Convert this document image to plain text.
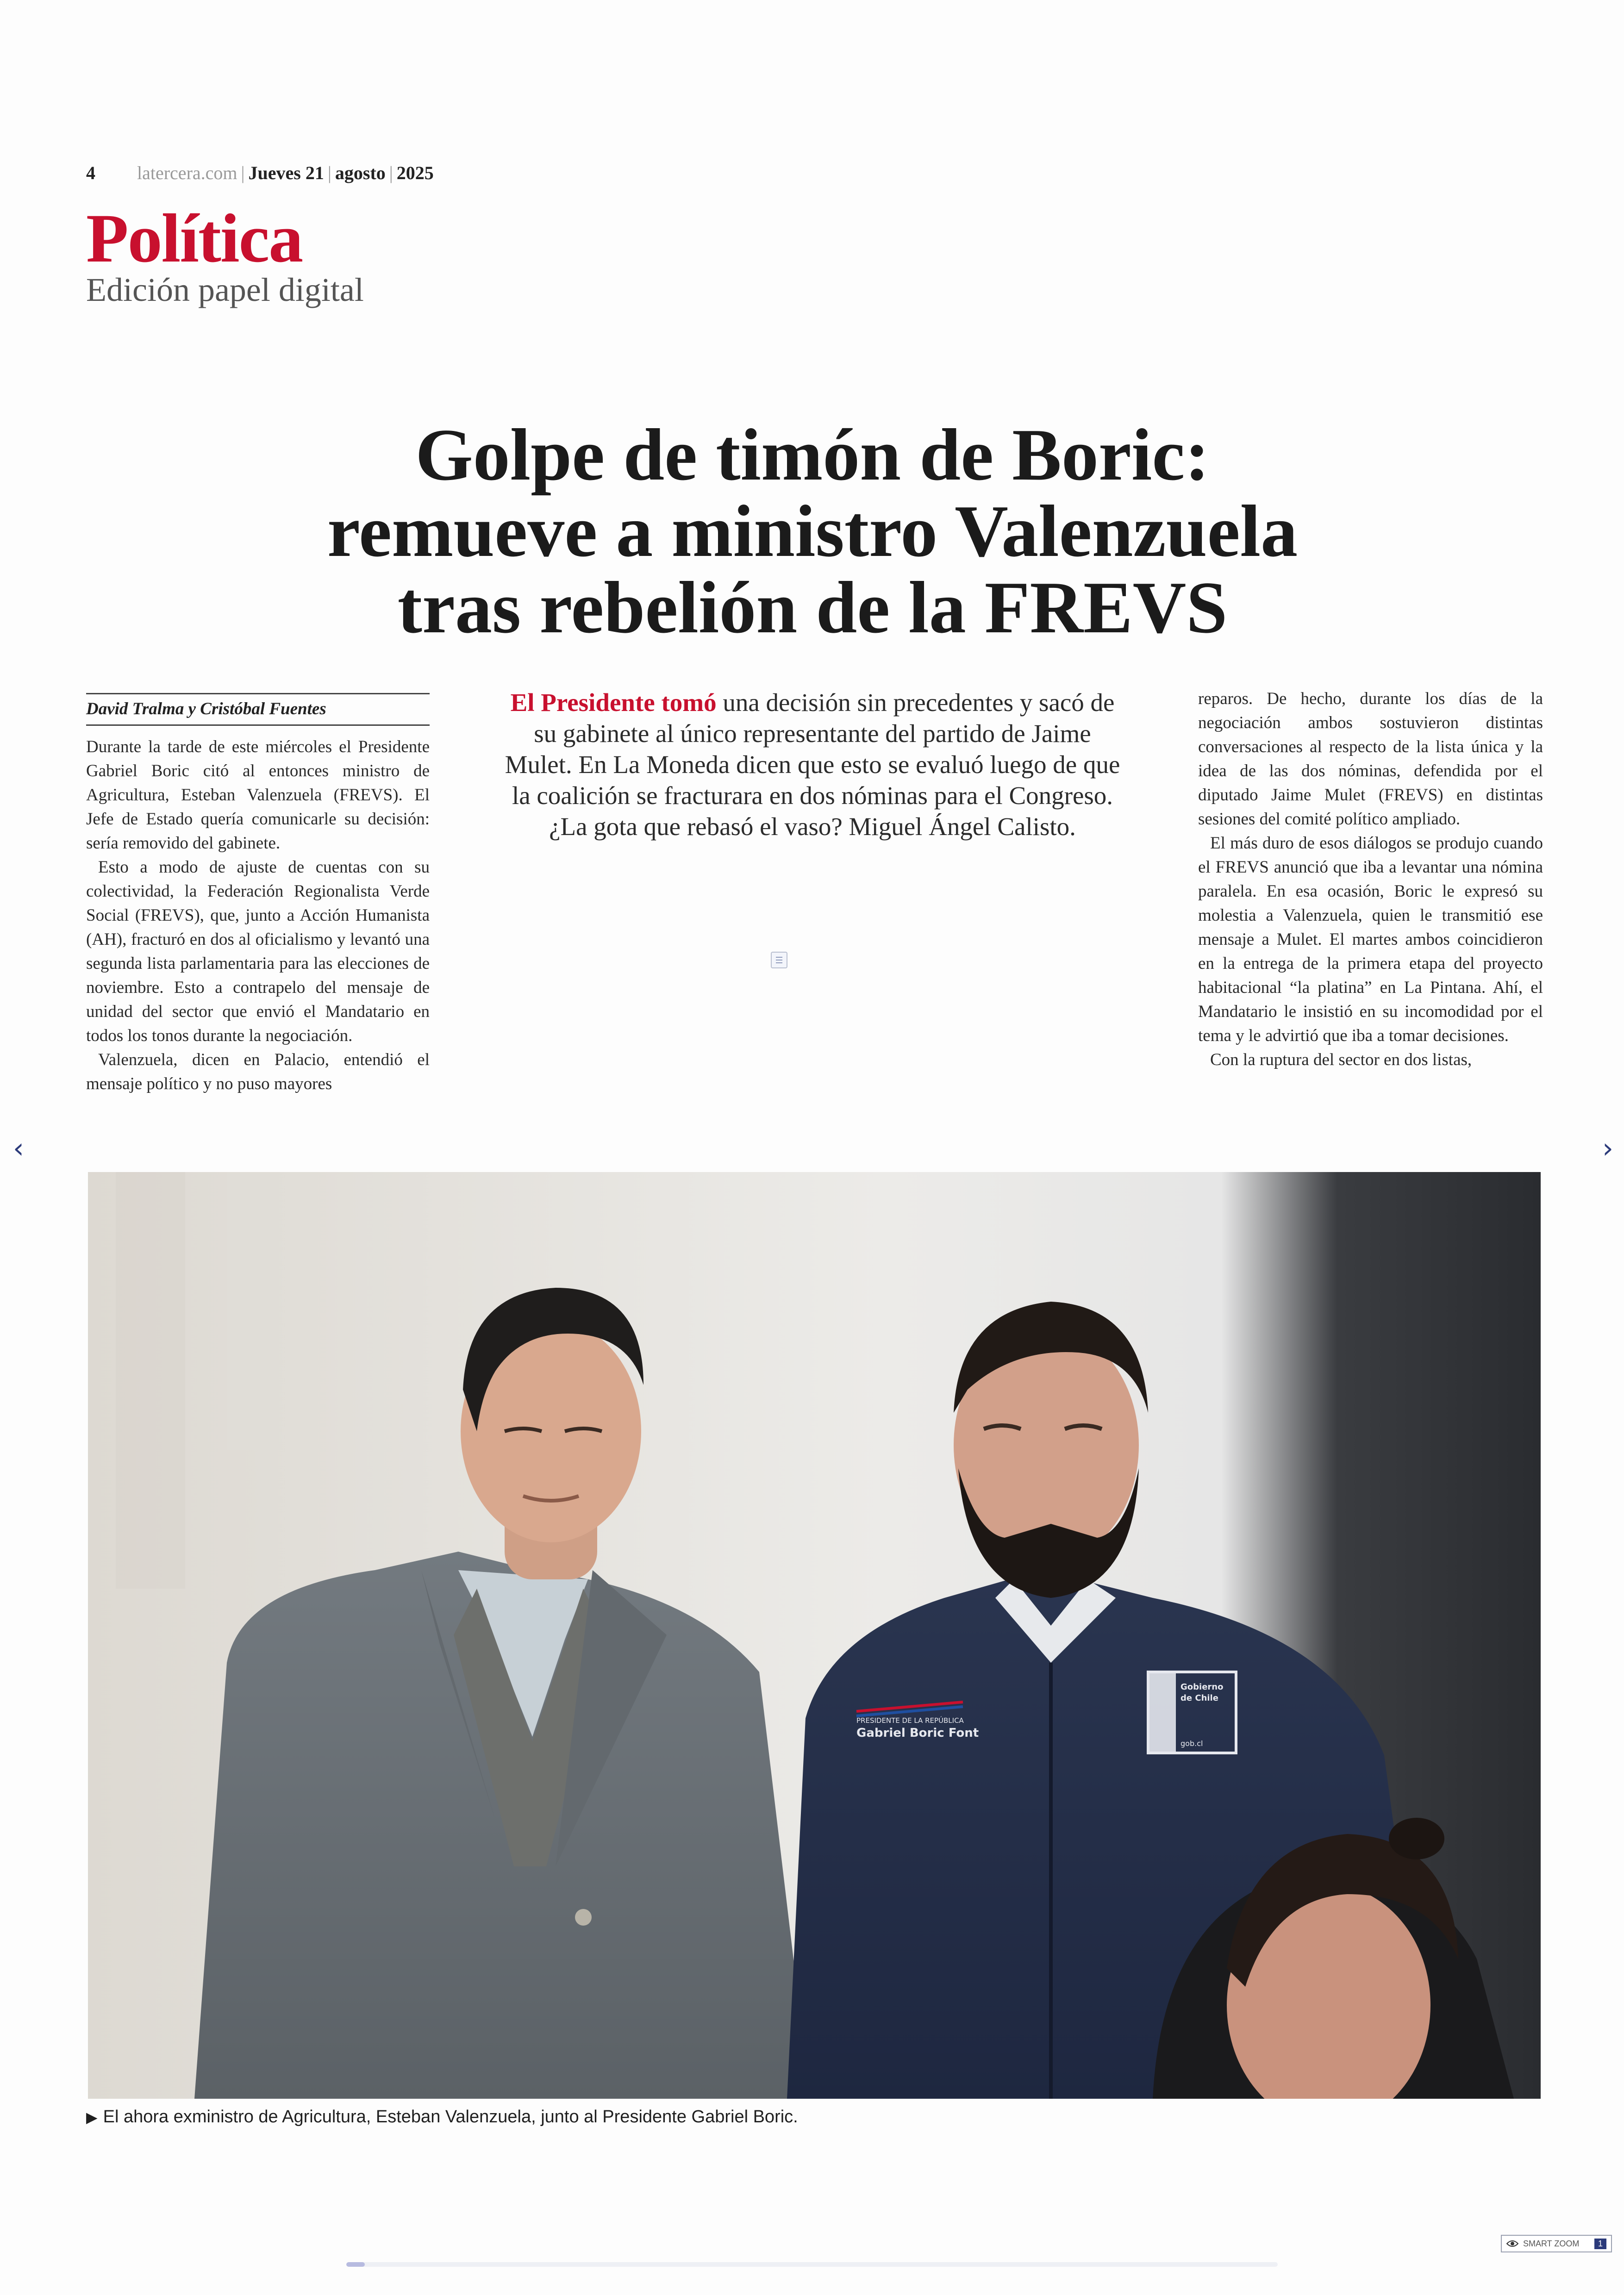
4 latercera.com | Jueves 21 | agosto | 2025
Política
Edición papel digital
Golpe de timón de Boric:
remueve a ministro Valenzuela
tras rebelión de la FREVS
David Tralma y Cristóbal Fuentes

Durante la tarde de este miércoles el Presidente Gabriel Boric citó al entonces ministro de Agricultura, Esteban Valenzuela (FREVS). El Jefe de Estado quería comunicarle su decisión: sería removido del gabinete.

Esto a modo de ajuste de cuentas con su colectividad, la Federación Regionalista Verde Social (FREVS), que, junto a Acción Humanista (AH), fracturó en dos al oficialismo y levantó una segunda lista parlamentaria para las elecciones de noviembre. Esto a contrapelo del mensaje de unidad del sector que envió el Mandatario en todos los tonos durante la negociación.

Valenzuela, dicen en Palacio, entendió el mensaje político y no puso mayores

El Presidente tomó una decisión sin precedentes y sacó de su gabinete al único representante del partido de Jaime Mulet. En La Moneda dicen que esto se evaluó luego de que la coalición se fracturara en dos nóminas para el Congreso. ¿La gota que rebasó el vaso? Miguel Ángel Calisto.

reparos. De hecho, durante los días de la negociación ambos sostuvieron distintas conversaciones al respecto de la lista única y la idea de las dos nóminas, defendida por el diputado Jaime Mulet (FREVS) en distintas sesiones del comité político ampliado.

El más duro de esos diálogos se produjo cuando el FREVS anunció que iba a levantar una nómina paralela. En esa ocasión, Boric le expresó su molestia a Valenzuela, quien le transmitió ese mensaje a Mulet. El martes ambos coincidieron en la entrega de la primera etapa del proyecto habitacional “la platina” en La Pintana. Ahí, el Mandatario le insistió en su incomodidad por el tema y le advirtió que iba a tomar decisiones.

Con la ruptura del sector en dos listas,

PRESIDENTE DE LA REPÚBLICA
Gabriel Boric Font
Gobierno
de Chile
gob.cl
▶ El ahora exministro de Agricultura, Esteban Valenzuela, junto al Presidente Gabriel Boric.
‹	›
SMART ZOOM	1
